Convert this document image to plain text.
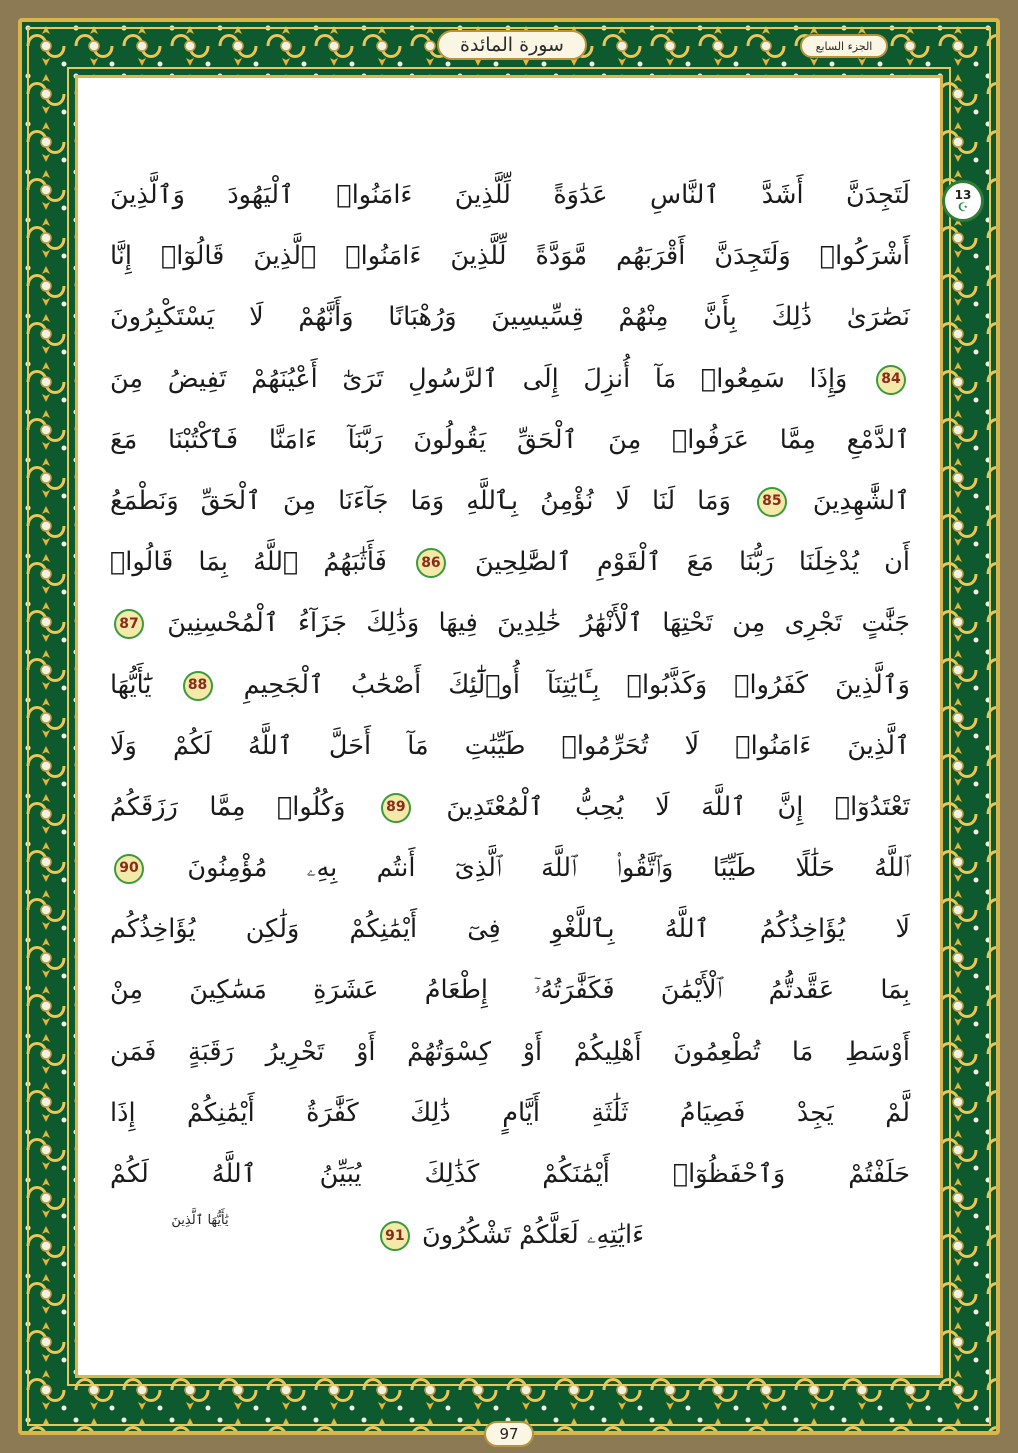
سورة المائدة	الجزء السابع
13
☪
لَتَجِدَنَّ أَشَدَّ ٱلنَّاسِ عَدَٰوَةً لِّلَّذِينَ ءَامَنُوا۟ ٱلْيَهُودَ وَٱلَّذِينَ
أَشْرَكُوا۟ وَلَتَجِدَنَّ أَقْرَبَهُم مَّوَدَّةً لِّلَّذِينَ ءَامَنُوا۟ ٱلَّذِينَ قَالُوٓا۟ إِنَّا
نَصَٰرَىٰ ذَٰلِكَ بِأَنَّ مِنْهُمْ قِسِّيسِينَ وَرُهْبَانًا وَأَنَّهُمْ لَا يَسْتَكْبِرُونَ
84 وَإِذَا سَمِعُوا۟ مَآ أُنزِلَ إِلَى ٱلرَّسُولِ تَرَىٰٓ أَعْيُنَهُمْ تَفِيضُ مِنَ
ٱلدَّمْعِ مِمَّا عَرَفُوا۟ مِنَ ٱلْحَقِّ يَقُولُونَ رَبَّنَآ ءَامَنَّا فَٱكْتُبْنَا مَعَ
ٱلشَّٰهِدِينَ 85 وَمَا لَنَا لَا نُؤْمِنُ بِٱللَّهِ وَمَا جَآءَنَا مِنَ ٱلْحَقِّ وَنَطْمَعُ
أَن يُدْخِلَنَا رَبُّنَا مَعَ ٱلْقَوْمِ ٱلصَّٰلِحِينَ 86 فَأَثَٰبَهُمُ ٱللَّهُ بِمَا قَالُوا۟
جَنَّٰتٍ تَجْرِى مِن تَحْتِهَا ٱلْأَنْهَٰرُ خَٰلِدِينَ فِيهَا وَذَٰلِكَ جَزَآءُ ٱلْمُحْسِنِينَ 87
وَٱلَّذِينَ كَفَرُوا۟ وَكَذَّبُوا۟ بِـَٔايَٰتِنَآ أُو۟لَٰٓئِكَ أَصْحَٰبُ ٱلْجَحِيمِ 88 يَٰٓأَيُّهَا
ٱلَّذِينَ ءَامَنُوا۟ لَا تُحَرِّمُوا۟ طَيِّبَٰتِ مَآ أَحَلَّ ٱللَّهُ لَكُمْ وَلَا
تَعْتَدُوٓا۟ إِنَّ ٱللَّهَ لَا يُحِبُّ ٱلْمُعْتَدِينَ 89 وَكُلُوا۟ مِمَّا رَزَقَكُمُ
ٱللَّهُ حَلَٰلًا طَيِّبًا وَٱتَّقُوا۟ ٱللَّهَ ٱلَّذِىٓ أَنتُم بِهِۦ مُؤْمِنُونَ 90
لَا يُؤَاخِذُكُمُ ٱللَّهُ بِٱللَّغْوِ فِىٓ أَيْمَٰنِكُمْ وَلَٰكِن يُؤَاخِذُكُم
بِمَا عَقَّدتُّمُ ٱلْأَيْمَٰنَ فَكَفَّٰرَتُهُۥٓ إِطْعَامُ عَشَرَةِ مَسَٰكِينَ مِنْ
أَوْسَطِ مَا تُطْعِمُونَ أَهْلِيكُمْ أَوْ كِسْوَتُهُمْ أَوْ تَحْرِيرُ رَقَبَةٍ فَمَن
لَّمْ يَجِدْ فَصِيَامُ ثَلَٰثَةِ أَيَّامٍ ذَٰلِكَ كَفَّٰرَةُ أَيْمَٰنِكُمْ إِذَا
حَلَفْتُمْ وَٱحْفَظُوٓا۟ أَيْمَٰنَكُمْ كَذَٰلِكَ يُبَيِّنُ ٱللَّهُ لَكُمْ
ءَايَٰتِهِۦ لَعَلَّكُمْ تَشْكُرُونَ 91
يَٰأَيُّهَا ٱلَّذِينَ
97
